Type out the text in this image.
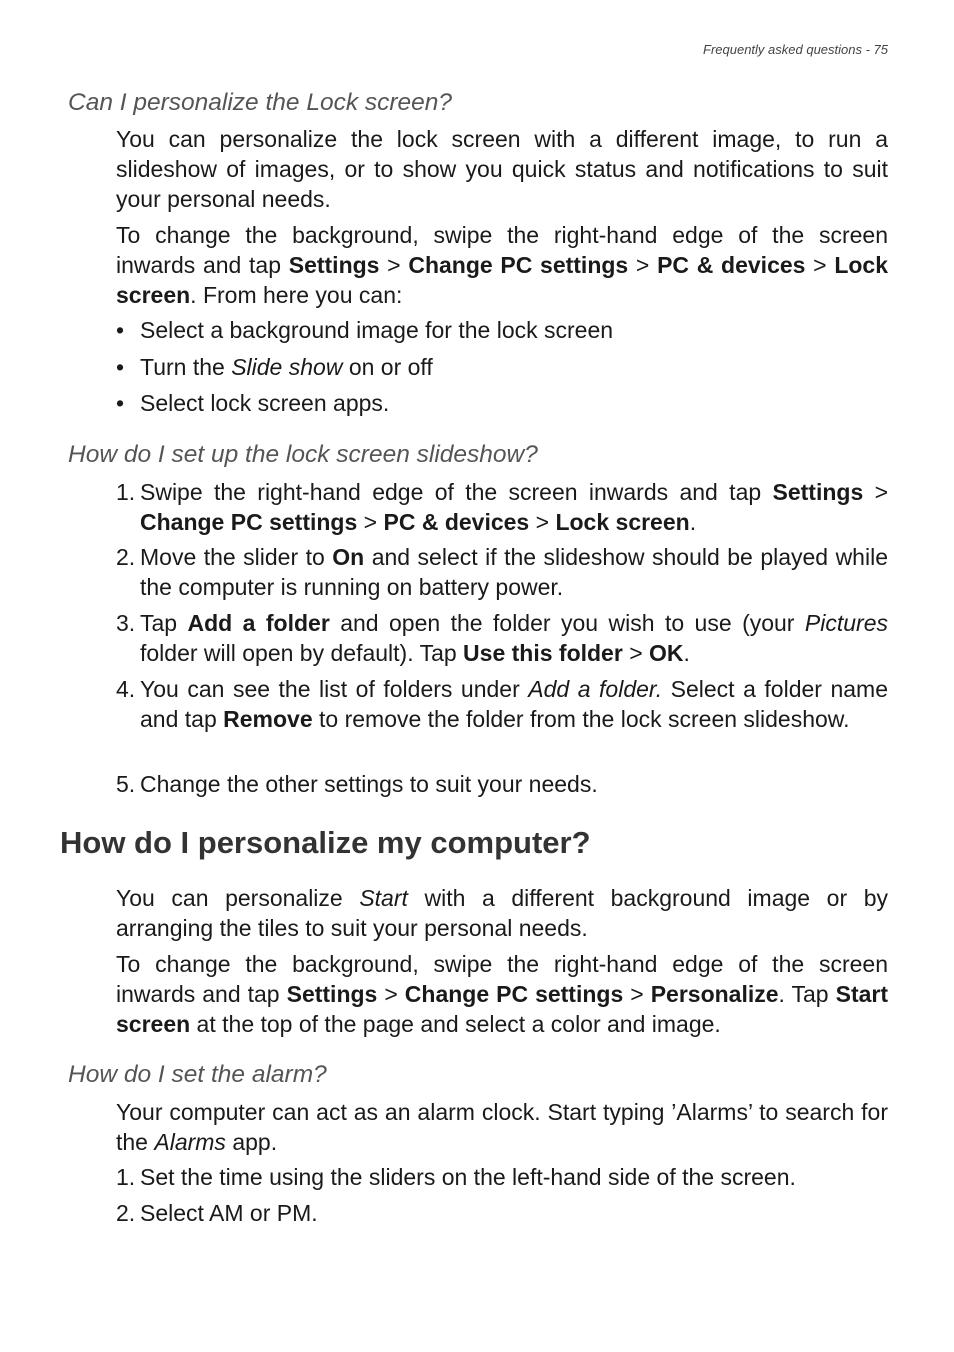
Frequently asked questions - 75
Can I personalize the Lock screen?

You can personalize the lock screen with a different image, to run a slideshow of images, or to show you quick status and notifications to suit your personal needs.

To change the background, swipe the right-hand edge of the screen inwards and tap Settings > Change PC settings > PC & devices > Lock screen. From here you can:

• Select a background image for the lock screen
• Turn the Slide show on or off
• Select lock screen apps.
How do I set up the lock screen slideshow?
1. Swipe the right-hand edge of the screen inwards and tap Settings > Change PC settings > PC & devices > Lock screen.
2. Move the slider to On and select if the slideshow should be played while the computer is running on battery power.
3. Tap Add a folder and open the folder you wish to use (your Pictures folder will open by default). Tap Use this folder > OK.
4. You can see the list of folders under Add a folder. Select a folder name and tap Remove to remove the folder from the lock screen slideshow.
5. Change the other settings to suit your needs.
How do I personalize my computer?

You can personalize Start with a different background image or by arranging the tiles to suit your personal needs.

To change the background, swipe the right-hand edge of the screen inwards and tap Settings > Change PC settings > Personalize. Tap Start screen at the top of the page and select a color and image.

How do I set the alarm?

Your computer can act as an alarm clock. Start typing ’Alarms’ to search for the Alarms app.

1. Set the time using the sliders on the left-hand side of the screen.
2. Select AM or PM.
